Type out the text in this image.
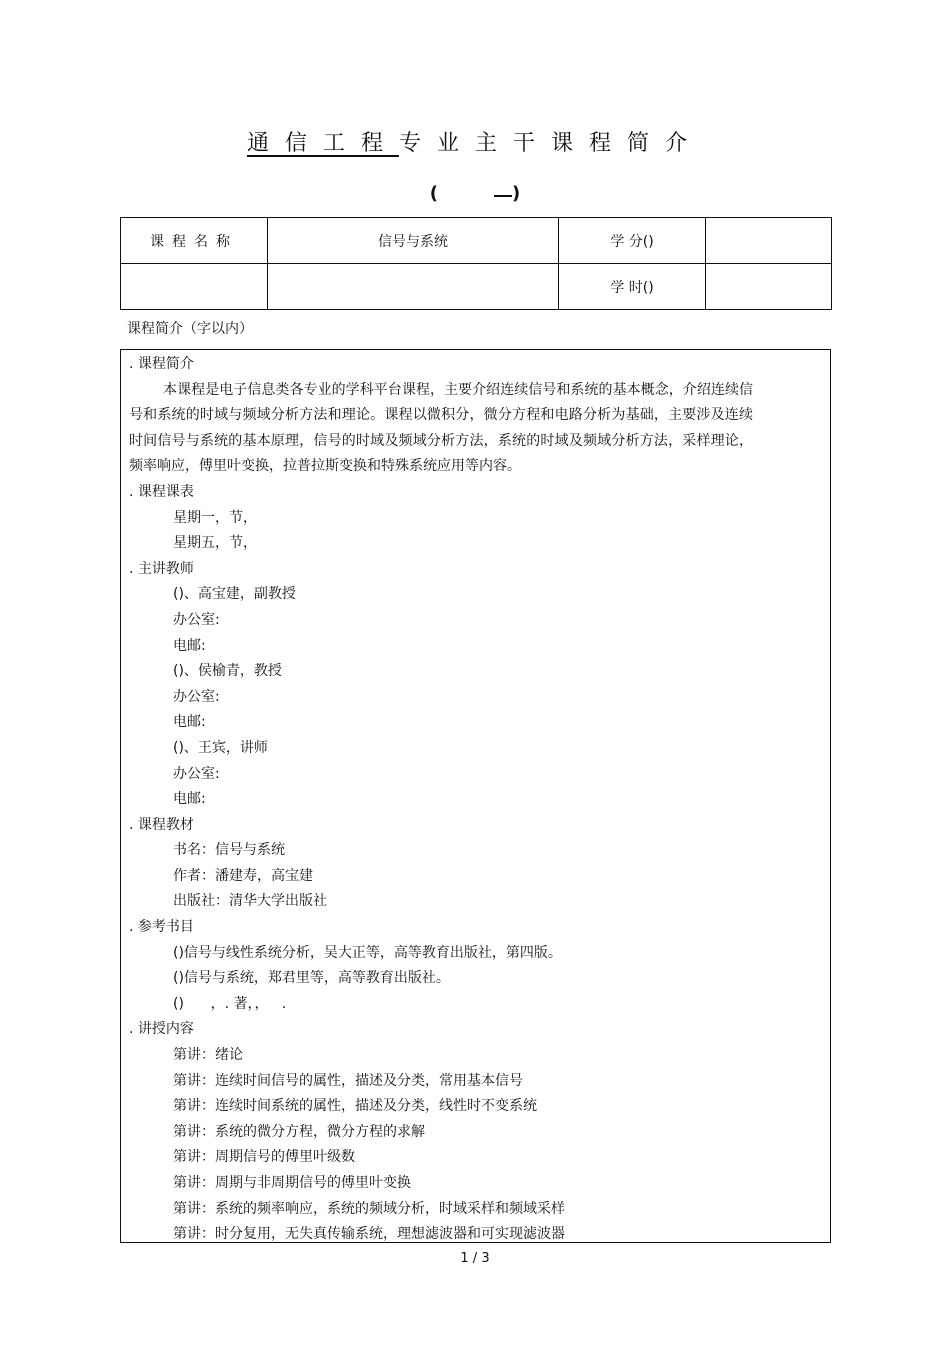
通信工程专业主干课程简介
(	)
课程名称	信号与系统	学 分()	
		学 时()	
课程简介（字以内）
. 课程简介
本课程是电子信息类各专业的学科平台课程，主要介绍连续信号和系统的基本概念，介绍连续信号和系统的时域与频域分析方法和理论。课程以微积分，微分方程和电路分析为基础，主要涉及连续时间信号与系统的基本原理，信号的时域及频域分析方法，系统的时域及频域分析方法，采样理论，频率响应，傅里叶变换，拉普拉斯变换和特殊系统应用等内容。
. 课程课表
星期一，节，
星期五，节，
. 主讲教师
()、高宝建，副教授
办公室:
电邮:
()、侯榆青，教授
办公室:
电邮:
()、王宾，讲师
办公室:
电邮:
. 课程教材
书名：信号与系统
作者：潘建寿，高宝建
出版社：清华大学出版社
. 参考书目
()信号与线性系统分析，吴大正等，高等教育出版社，第四版。
()信号与系统，郑君里等，高等教育出版社。
()      ，. 著，，   .
. 讲授内容
第讲：绪论
第讲：连续时间信号的属性，描述及分类，常用基本信号
第讲：连续时间系统的属性，描述及分类，线性时不变系统
第讲：系统的微分方程，微分方程的求解
第讲：周期信号的傅里叶级数
第讲：周期与非周期信号的傅里叶变换
第讲：系统的频率响应，系统的频域分析，时域采样和频域采样
第讲：时分复用，无失真传输系统，理想滤波器和可实现滤波器
1 / 3
